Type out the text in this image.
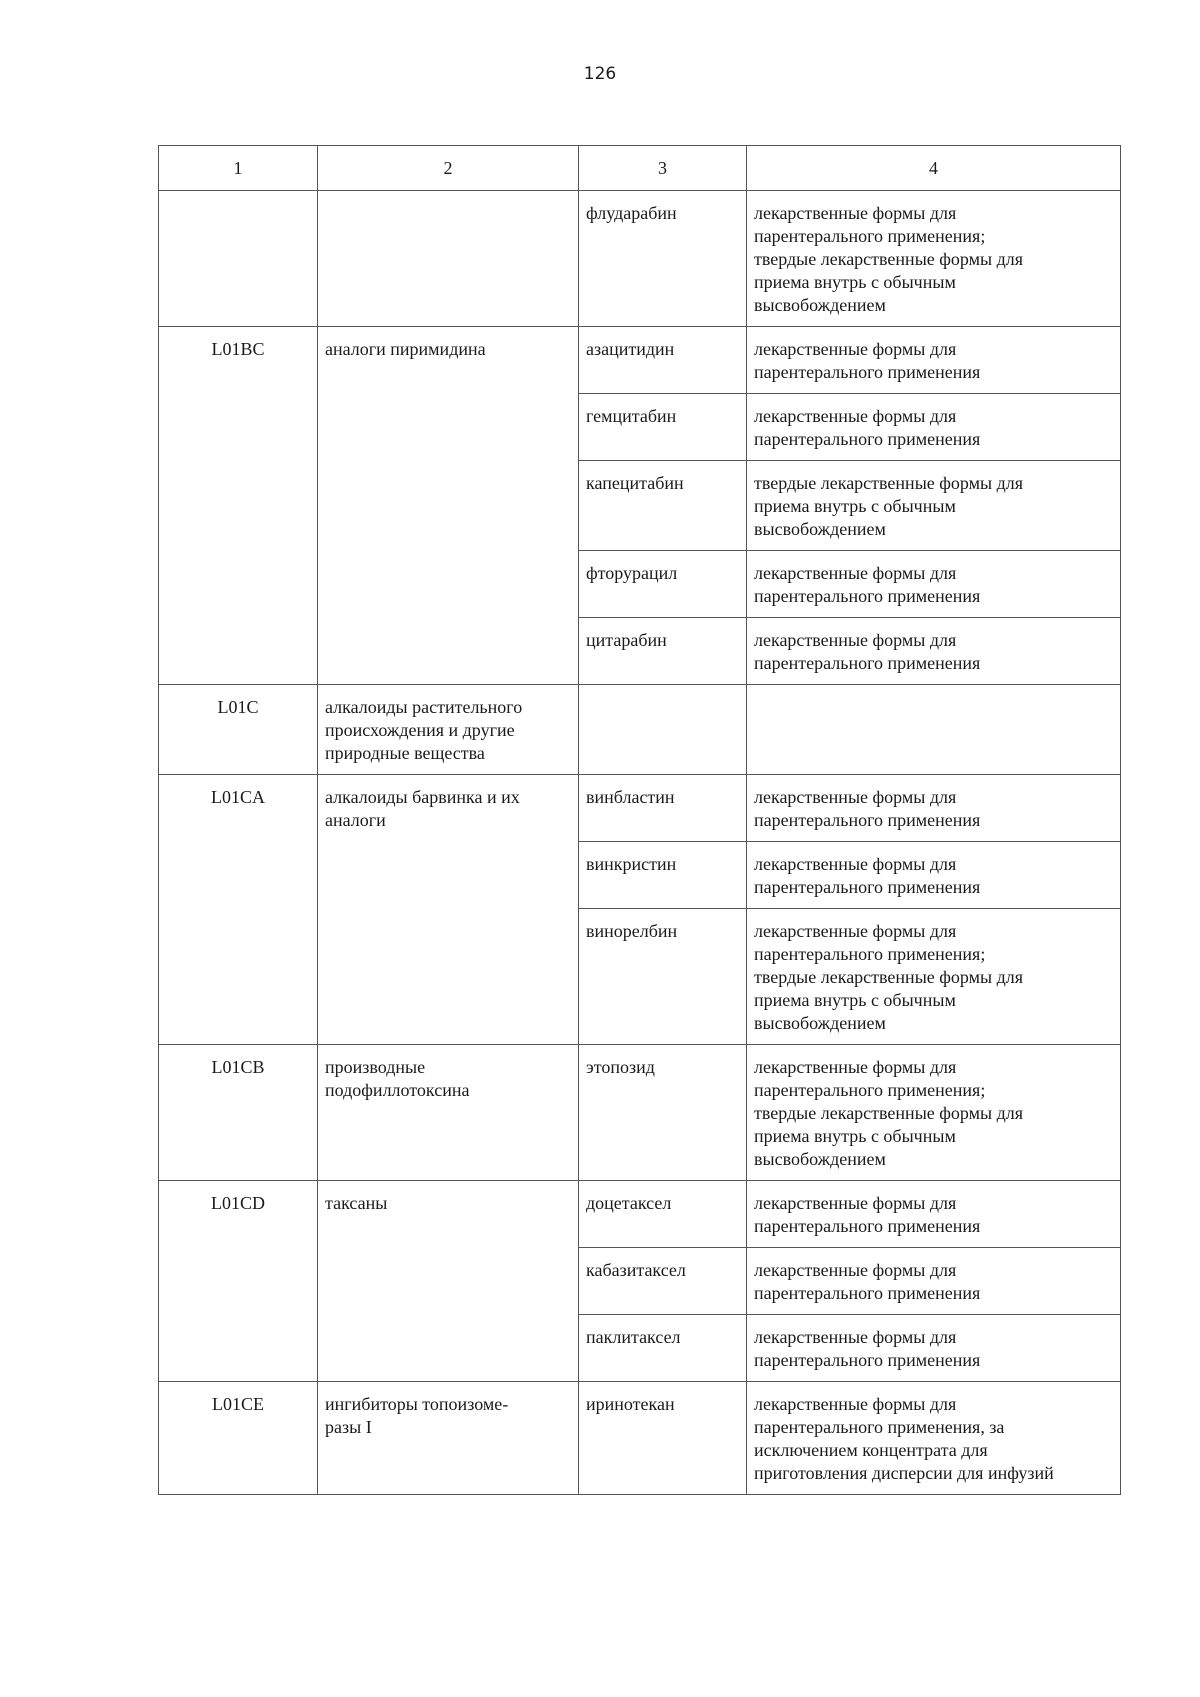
126
1	2	3	4
		флударабин	лекарственные формы для
парентерального применения;
твердые лекарственные формы для
приема внутрь с обычным
высвобождением
L01BC	аналоги пиримидина	азацитидин	лекарственные формы для
парентерального применения
		гемцитабин	лекарственные формы для
парентерального применения
		капецитабин	твердые лекарственные формы для
приема внутрь с обычным
высвобождением
		фторурацил	лекарственные формы для
парентерального применения
		цитарабин	лекарственные формы для
парентерального применения
L01C	алкалоиды растительного
происхождения и другие
природные вещества		
L01CA	алкалоиды барвинка и их
аналоги	винбластин	лекарственные формы для
парентерального применения
		винкристин	лекарственные формы для
парентерального применения
		винорелбин	лекарственные формы для
парентерального применения;
твердые лекарственные формы для
приема внутрь с обычным
высвобождением
L01CB	производные
подофиллотоксина	этопозид	лекарственные формы для
парентерального применения;
твердые лекарственные формы для
приема внутрь с обычным
высвобождением
L01CD	таксаны	доцетаксел	лекарственные формы для
парентерального применения
		кабазитаксел	лекарственные формы для
парентерального применения
		паклитаксел	лекарственные формы для
парентерального применения

L01CE	ингибиторы топоизоме-
разы I	иринотекан	лекарственные формы для
парентерального применения, за
исключением концентрата для
приготовления дисперсии для инфузий
